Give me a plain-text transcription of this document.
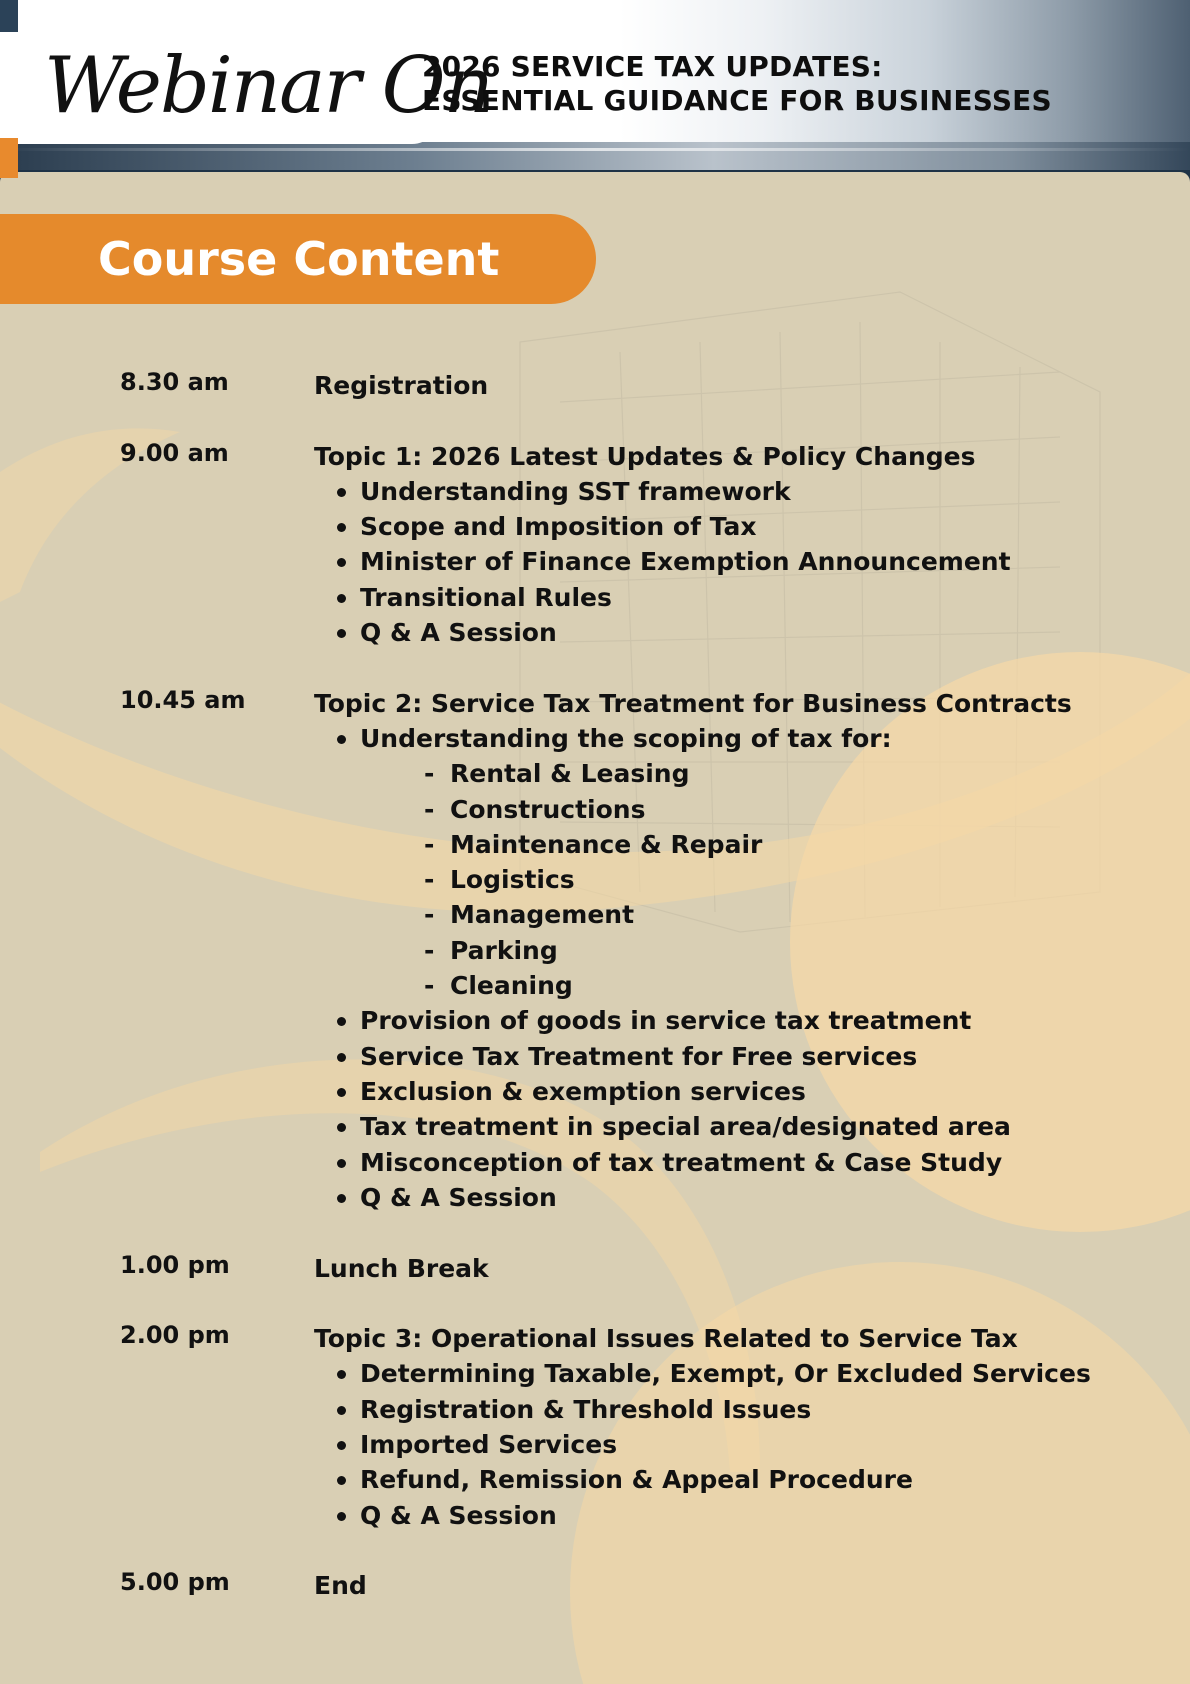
Webinar On
2026 SERVICE TAX UPDATES:
ESSENTIAL GUIDANCE FOR BUSINESSES
Course Content
8.30 am	Registration
9.00 am	Topic 1: 2026 Latest Updates & Policy Changes
Understanding SST framework
Scope and Imposition of Tax
Minister of Finance Exemption Announcement
Transitional Rules
Q & A Session
10.45 am	Topic 2: Service Tax Treatment for Business Contracts
Understanding the scoping of tax for:
- Rental & Leasing
- Constructions
- Maintenance & Repair
- Logistics
- Management
- Parking
- Cleaning
Provision of goods in service tax treatment
Service Tax Treatment for Free services
Exclusion & exemption services
Tax treatment in special area/designated area
Misconception of tax treatment & Case Study
Q & A Session
1.00 pm	Lunch Break
2.00 pm	Topic 3: Operational Issues Related to Service Tax
Determining Taxable, Exempt, Or Excluded Services
Registration & Threshold Issues
Imported Services
Refund, Remission & Appeal Procedure
Q & A Session
5.00 pm	End
